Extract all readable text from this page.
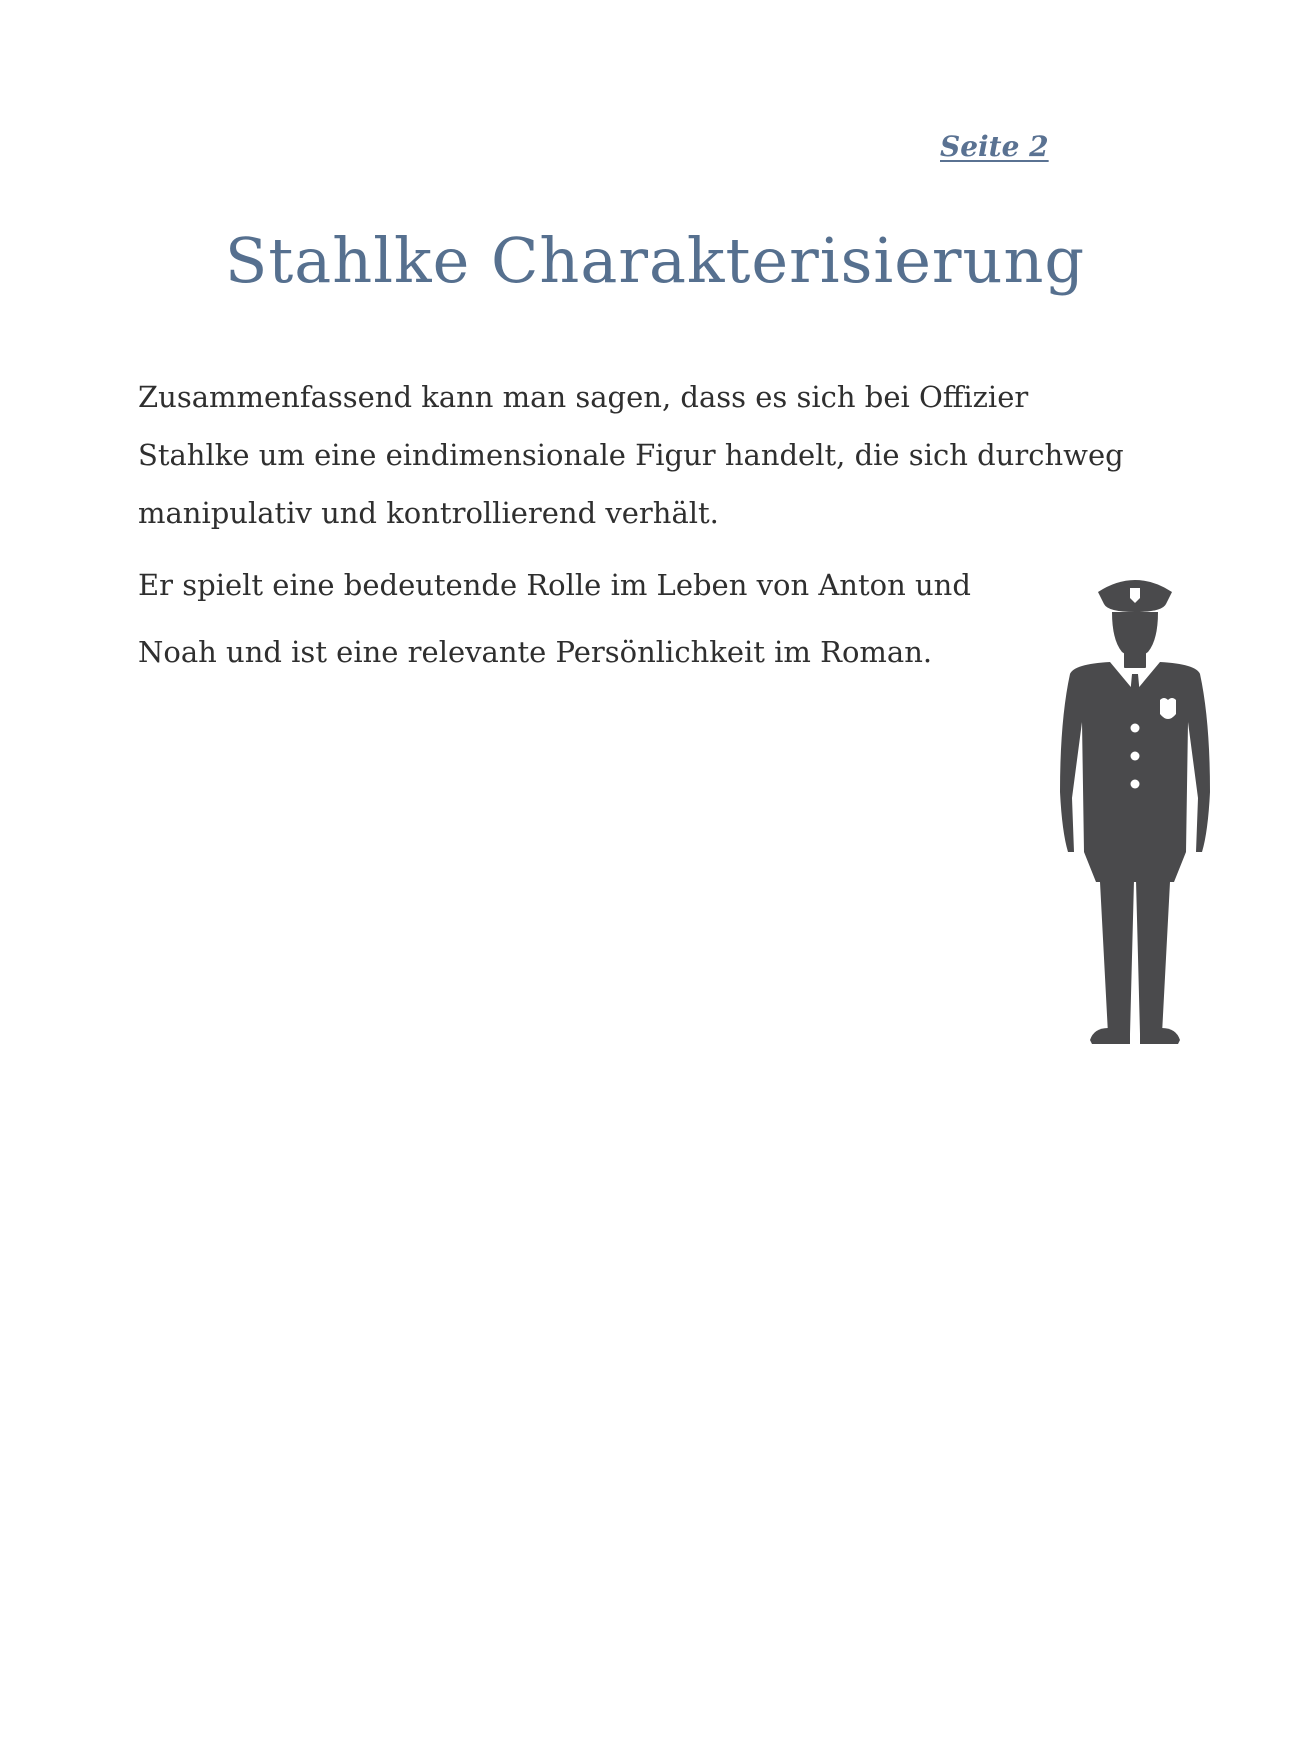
Seite 2
Stahlke Charakterisierung
Zusammenfassend kann man sagen, dass es sich bei Offizier
Stahlke um eine eindimensionale Figur handelt, die sich durchweg
manipulativ und kontrollierend verhält.
Er spielt eine bedeutende Rolle im Leben von Anton und
Noah und ist eine relevante Persönlichkeit im Roman.
